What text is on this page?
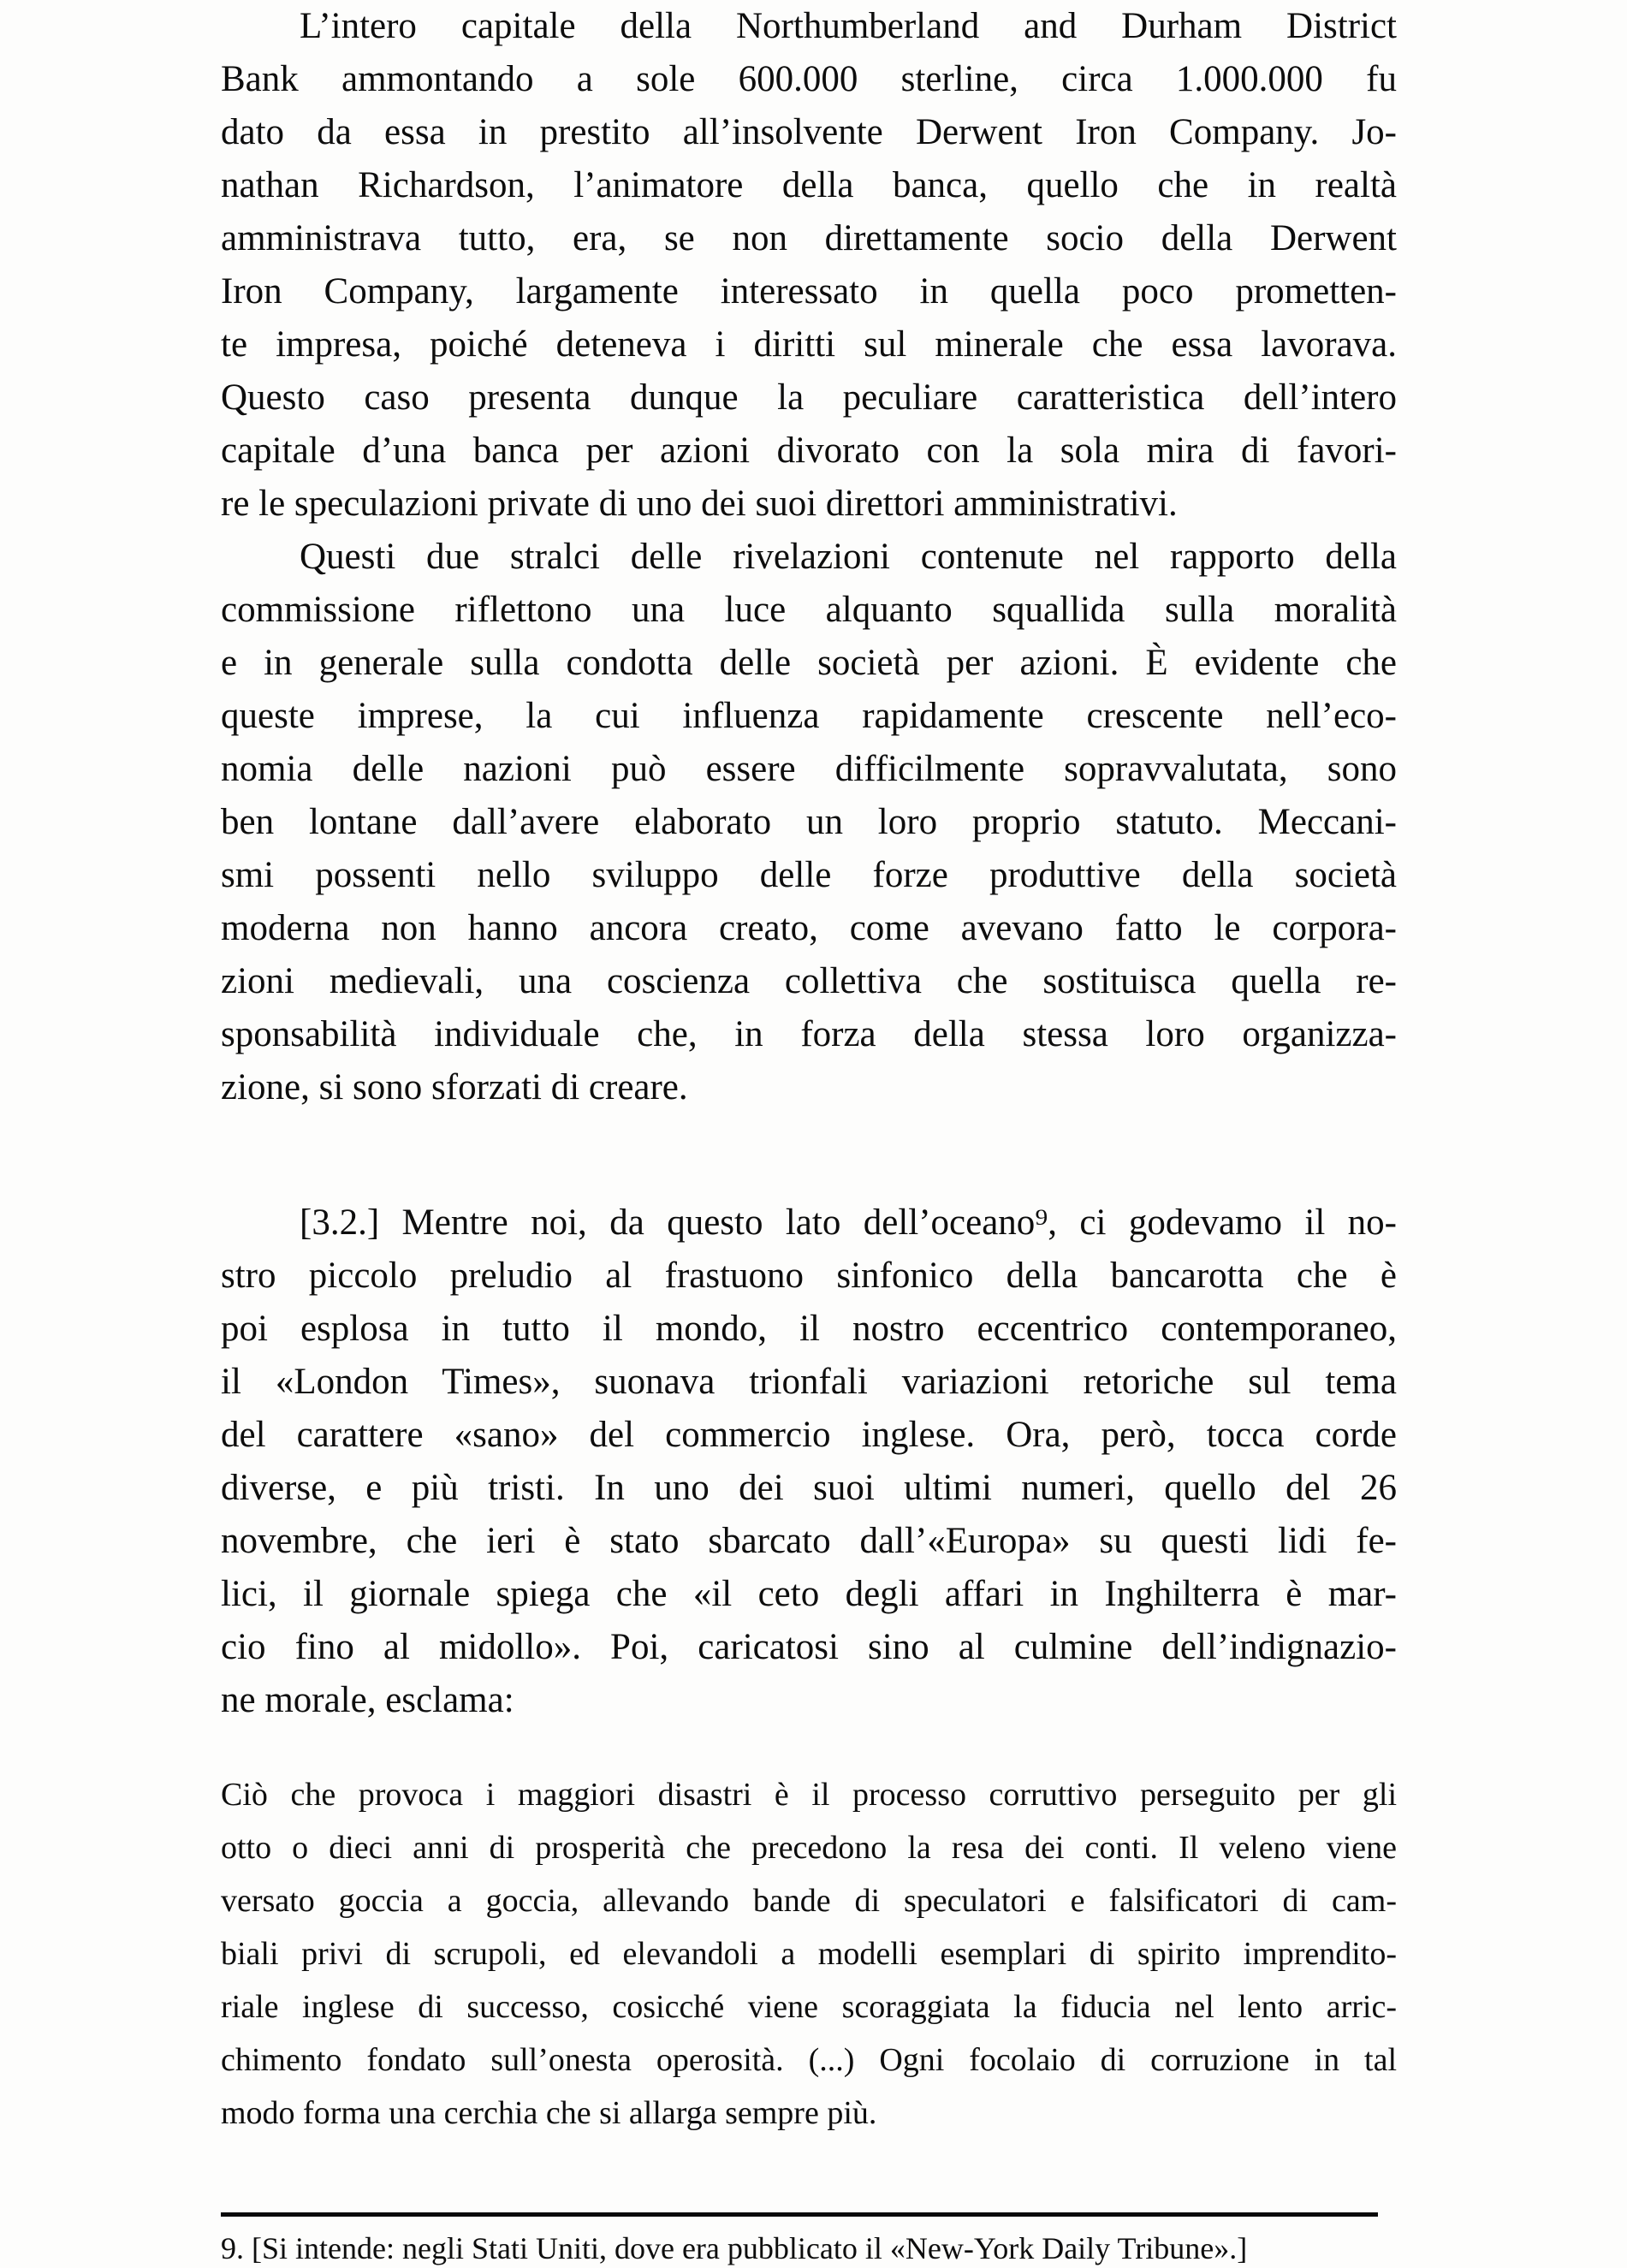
L’intero capitale della Northumberland and Durham District
Bank ammontando a sole 600.000 sterline, circa 1.000.000 fu
dato da essa in prestito all’insolvente Derwent Iron Company. Jo-
nathan Richardson, l’animatore della banca, quello che in realtà
amministrava tutto, era, se non direttamente socio della Derwent
Iron Company, largamente interessato in quella poco prometten-
te impresa, poiché deteneva i diritti sul minerale che essa lavorava.
Questo caso presenta dunque la peculiare caratteristica dell’intero
capitale d’una banca per azioni divorato con la sola mira di favori-
re le speculazioni private di uno dei suoi direttori amministrativi.
Questi due stralci delle rivelazioni contenute nel rapporto della
commissione riflettono una luce alquanto squallida sulla moralità
e in generale sulla condotta delle società per azioni. È evidente che
queste imprese, la cui influenza rapidamente crescente nell’eco-
nomia delle nazioni può essere difficilmente sopravvalutata, sono
ben lontane dall’avere elaborato un loro proprio statuto. Meccani-
smi possenti nello sviluppo delle forze produttive della società
moderna non hanno ancora creato, come avevano fatto le corpora-
zioni medievali, una coscienza collettiva che sostituisca quella re-
sponsabilità individuale che, in forza della stessa loro organizza-
zione, si sono sforzati di creare.
[3.2.] Mentre noi, da questo lato dell’oceano⁹, ci godevamo il no-
stro piccolo preludio al frastuono sinfonico della bancarotta che è
poi esplosa in tutto il mondo, il nostro eccentrico contemporaneo,
il «London Times», suonava trionfali variazioni retoriche sul tema
del carattere «sano» del commercio inglese. Ora, però, tocca corde
diverse, e più tristi. In uno dei suoi ultimi numeri, quello del 26
novembre, che ieri è stato sbarcato dall’«Europa» su questi lidi fe-
lici, il giornale spiega che «il ceto degli affari in Inghilterra è mar-
cio fino al midollo». Poi, caricatosi sino al culmine dell’indignazio-
ne morale, esclama:
Ciò che provoca i maggiori disastri è il processo corruttivo perseguito per gli
otto o dieci anni di prosperità che precedono la resa dei conti. Il veleno viene
versato goccia a goccia, allevando bande di speculatori e falsificatori di cam-
biali privi di scrupoli, ed elevandoli a modelli esemplari di spirito imprendito-
riale inglese di successo, cosicché viene scoraggiata la fiducia nel lento arric-
chimento fondato sull’onesta operosità. (...) Ogni focolaio di corruzione in tal
modo forma una cerchia che si allarga sempre più.
9. [Si intende: negli Stati Uniti, dove era pubblicato il «New-York Daily Tribune».]
